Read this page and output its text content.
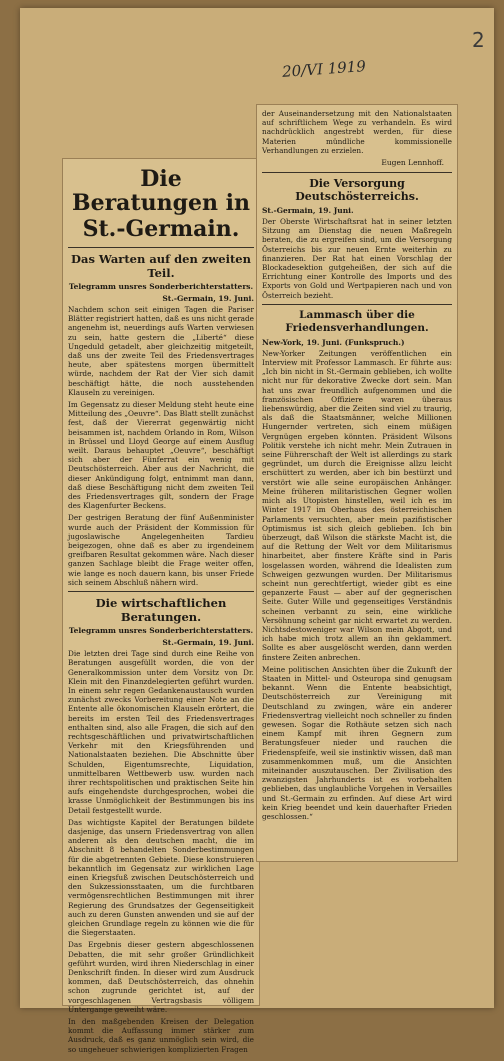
2
20/VI 1919
Die Beratungen in
St.-Germain.
Das Warten auf den zweiten Teil.
Telegramm unsres Sonderberichterstatters.
St.-Germain, 19. Juni.

Nachdem schon seit einigen Tagen die Pariser Blätter registriert hatten, daß es uns nicht gerade angenehm ist, neuerdings aufs Warten verwiesen zu sein, hatte gestern die „Liberté“ diese Ungeduld getadelt, aber gleichzeitig mitgeteilt, daß uns der zweite Teil des Friedensvertrages heute, aber spätestens morgen übermittelt würde, nachdem der Rat der Vier sich damit beschäftigt hätte, die noch ausstehenden Klauseln zu vereinigen.

Im Gegensatz zu dieser Meldung steht heute eine Mitteilung des „Oeuvre“. Das Blatt stellt zunächst fest, daß der Viererrat gegenwärtig nicht beisammen ist, nachdem Orlando in Rom, Wilson in Brüssel und Lloyd George auf einem Ausflug weilt. Daraus behauptet „Oeuvre“, beschäftigt sich aber der Fünferrat ein wenig mit Deutschösterreich. Aber aus der Nachricht, die dieser Ankündigung folgt, entnimmt man dann, daß diese Beschäftigung nicht dem zweiten Teil des Friedensvertrages gilt, sondern der Frage des Klagenfurter Beckens.

Der gestrigen Beratung der fünf Außenminister wurde auch der Präsident der Kommission für jugoslawische Angelegenheiten Tardieu beigezogen, ohne daß es aber zu irgendeinem greifbaren Resultat gekommen wäre. Nach dieser ganzen Sachlage bleibt die Frage weiter offen, wie lange es noch dauern kann, bis unser Friede sich seinem Abschluß nähern wird.

Die wirtschaftlichen Beratungen.
Telegramm unsres Sonderberichterstatters.
St.-Germain, 19. Juni.

Die letzten drei Tage sind durch eine Reihe von Beratungen ausgefüllt worden, die von der Generalkommission unter dem Vorsitz von Dr. Klein mit den Finanzdelegierten geführt wurden. In einem sehr regen Gedankenaustausch wurden zunächst zwecks Vorbereitung einer Note an die Entente alle ökonomischen Klauseln erörtert, die bereits im ersten Teil des Friedensvertrages enthalten sind, also alle Fragen, die sich auf den rechtsgeschäftlichen und privatwirtschaftlichen Verkehr mit den Kriegsführenden und Nationalstaaten beziehen. Die Abschnitte über Schulden, Eigentumsrechte, Liquidation, unmittelbaren Wettbewerb usw. wurden nach ihrer rechtspolitischen und praktischen Seite hin aufs eingehendste durchgesprochen, wobei die krasse Unmöglichkeit der Bestimmungen bis ins Detail festgestellt wurde.

Das wichtigste Kapitel der Beratungen bildete dasjenige, das unsern Friedensvertrag von allen anderen als den deutschen macht, die im Abschnitt 8 behandelten Sonderbestimmungen für die abgetrennten Gebiete. Diese konstruieren bekanntlich im Gegensatz zur wirklichen Lage einen Kriegsfuß zwischen Deutschösterreich und den Sukzessionsstaaten, um die furchtbaren vermögensrechtlichen Bestimmungen mit ihrer Regierung des Grundsatzes der Gegenseitigkeit auch zu deren Gunsten anwenden und sie auf der gleichen Grundlage regeln zu können wie die für die Siegerstaaten.

Das Ergebnis dieser gestern abgeschlossenen Debatten, die mit sehr großer Gründlichkeit geführt wurden, wird ihren Niederschlag in einer Denkschrift finden. In dieser wird zum Ausdruck kommen, daß Deutschösterreich, das ohnehin schon zugrunde gerichtet ist, auf der vorgeschlagenen Vertragsbasis völligem Untergange geweiht wäre.

In den maßgebenden Kreisen der Delegation kommt die Auffassung immer stärker zum Ausdruck, daß es ganz unmöglich sein wird, die so ungeheuer schwierigen komplizierten Fragen

der Auseinandersetzung mit den Nationalstaaten auf schriftlichem Wege zu verhandeln. Es wird nachdrücklich angestrebt werden, für diese Materien mündliche kommissionelle Verhandlungen zu erzielen.

Eugen Lennhoff.
Die Versorgung Deutschösterreichs.
St.-Germain, 19. Juni.

Der Oberste Wirtschaftsrat hat in seiner letzten Sitzung am Dienstag die neuen Maßregeln beraten, die zu ergreifen sind, um die Versorgung Österreichs bis zur neuen Ernte weiterhin zu finanzieren. Der Rat hat einen Vorschlag der Blockadesektion gutgeheißen, der sich auf die Errichtung einer Kontrolle des Imports und des Exports von Gold und Wertpapieren nach und von Österreich bezieht.

Lammasch über die Friedensverhandlungen.
New-York, 19. Juni. (Funkspruch.)

New-Yorker Zeitungen veröffentlichen ein Interview mit Professor Lammasch. Er führte aus: „Ich bin nicht in St.-Germain geblieben, ich wollte nicht nur für dekorative Zwecke dort sein. Man hat uns zwar freundlich aufgenommen und die französischen Offiziere waren überaus liebenswürdig, aber die Zeiten sind viel zu traurig, als daß die Staatsmänner, welche Millionen Hungernder vertreten, sich einem müßigen Vergnügen ergeben könnten. Präsident Wilsons Politik verstehe ich nicht mehr. Mein Zutrauen in seine Führerschaft der Welt ist allerdings zu stark gegründet, um durch die Ereignisse allzu leicht erschüttert zu werden, aber ich bin bestürzt und verstört wie alle seine europäischen Anhänger. Meine früheren militaristischen Gegner wollen mich als Utopisten hinstellen, weil ich es im Winter 1917 im Oberhaus des österreichischen Parlaments versuchten, aber mein pazifistischer Optimismus ist sich gleich geblieben. Ich bin überzeugt, daß Wilson die stärkste Macht ist, die auf die Rettung der Welt vor dem Militarismus hinarbeitet, aber finstere Kräfte sind in Paris losgelassen worden, während die Idealisten zum Schweigen gezwungen wurden. Der Militarismus scheint nun gerechtfertigt, wieder gibt es eine gepanzerte Faust — aber auf der gegnerischen Seite. Guter Wille und gegenseitiges Verständnis scheinen verbannt zu sein, eine wirkliche Versöhnung scheint gar nicht erwartet zu werden. Nichtsdestoweniger war Wilson mein Abgott, und ich habe mich trotz allem an ihn geklammert. Sollte es aber ausgelöscht werden, dann werden finstere Zeiten anbrechen.

Meine politischen Ansichten über die Zukunft der Staaten in Mittel- und Osteuropa sind genugsam bekannt. Wenn die Entente beabsichtigt, Deutschösterreich zur Vereinigung mit Deutschland zu zwingen, wäre ein anderer Friedensvertrag vielleicht noch schneller zu finden gewesen. Sogar die Rothäute setzen sich nach einem Kampf mit ihren Gegnern zum Beratungsfeuer nieder und rauchen die Friedenspfeife, weil sie instinktiv wissen, daß man zusammenkommen muß, um die Ansichten miteinander auszutauschen. Der Zivilisation des zwanzigsten Jahrhunderts ist es vorbehalten geblieben, das unglaubliche Vorgehen in Versailles und St.-Germain zu erfinden. Auf diese Art wird kein Krieg beendet und kein dauerhafter Frieden geschlossen.“
